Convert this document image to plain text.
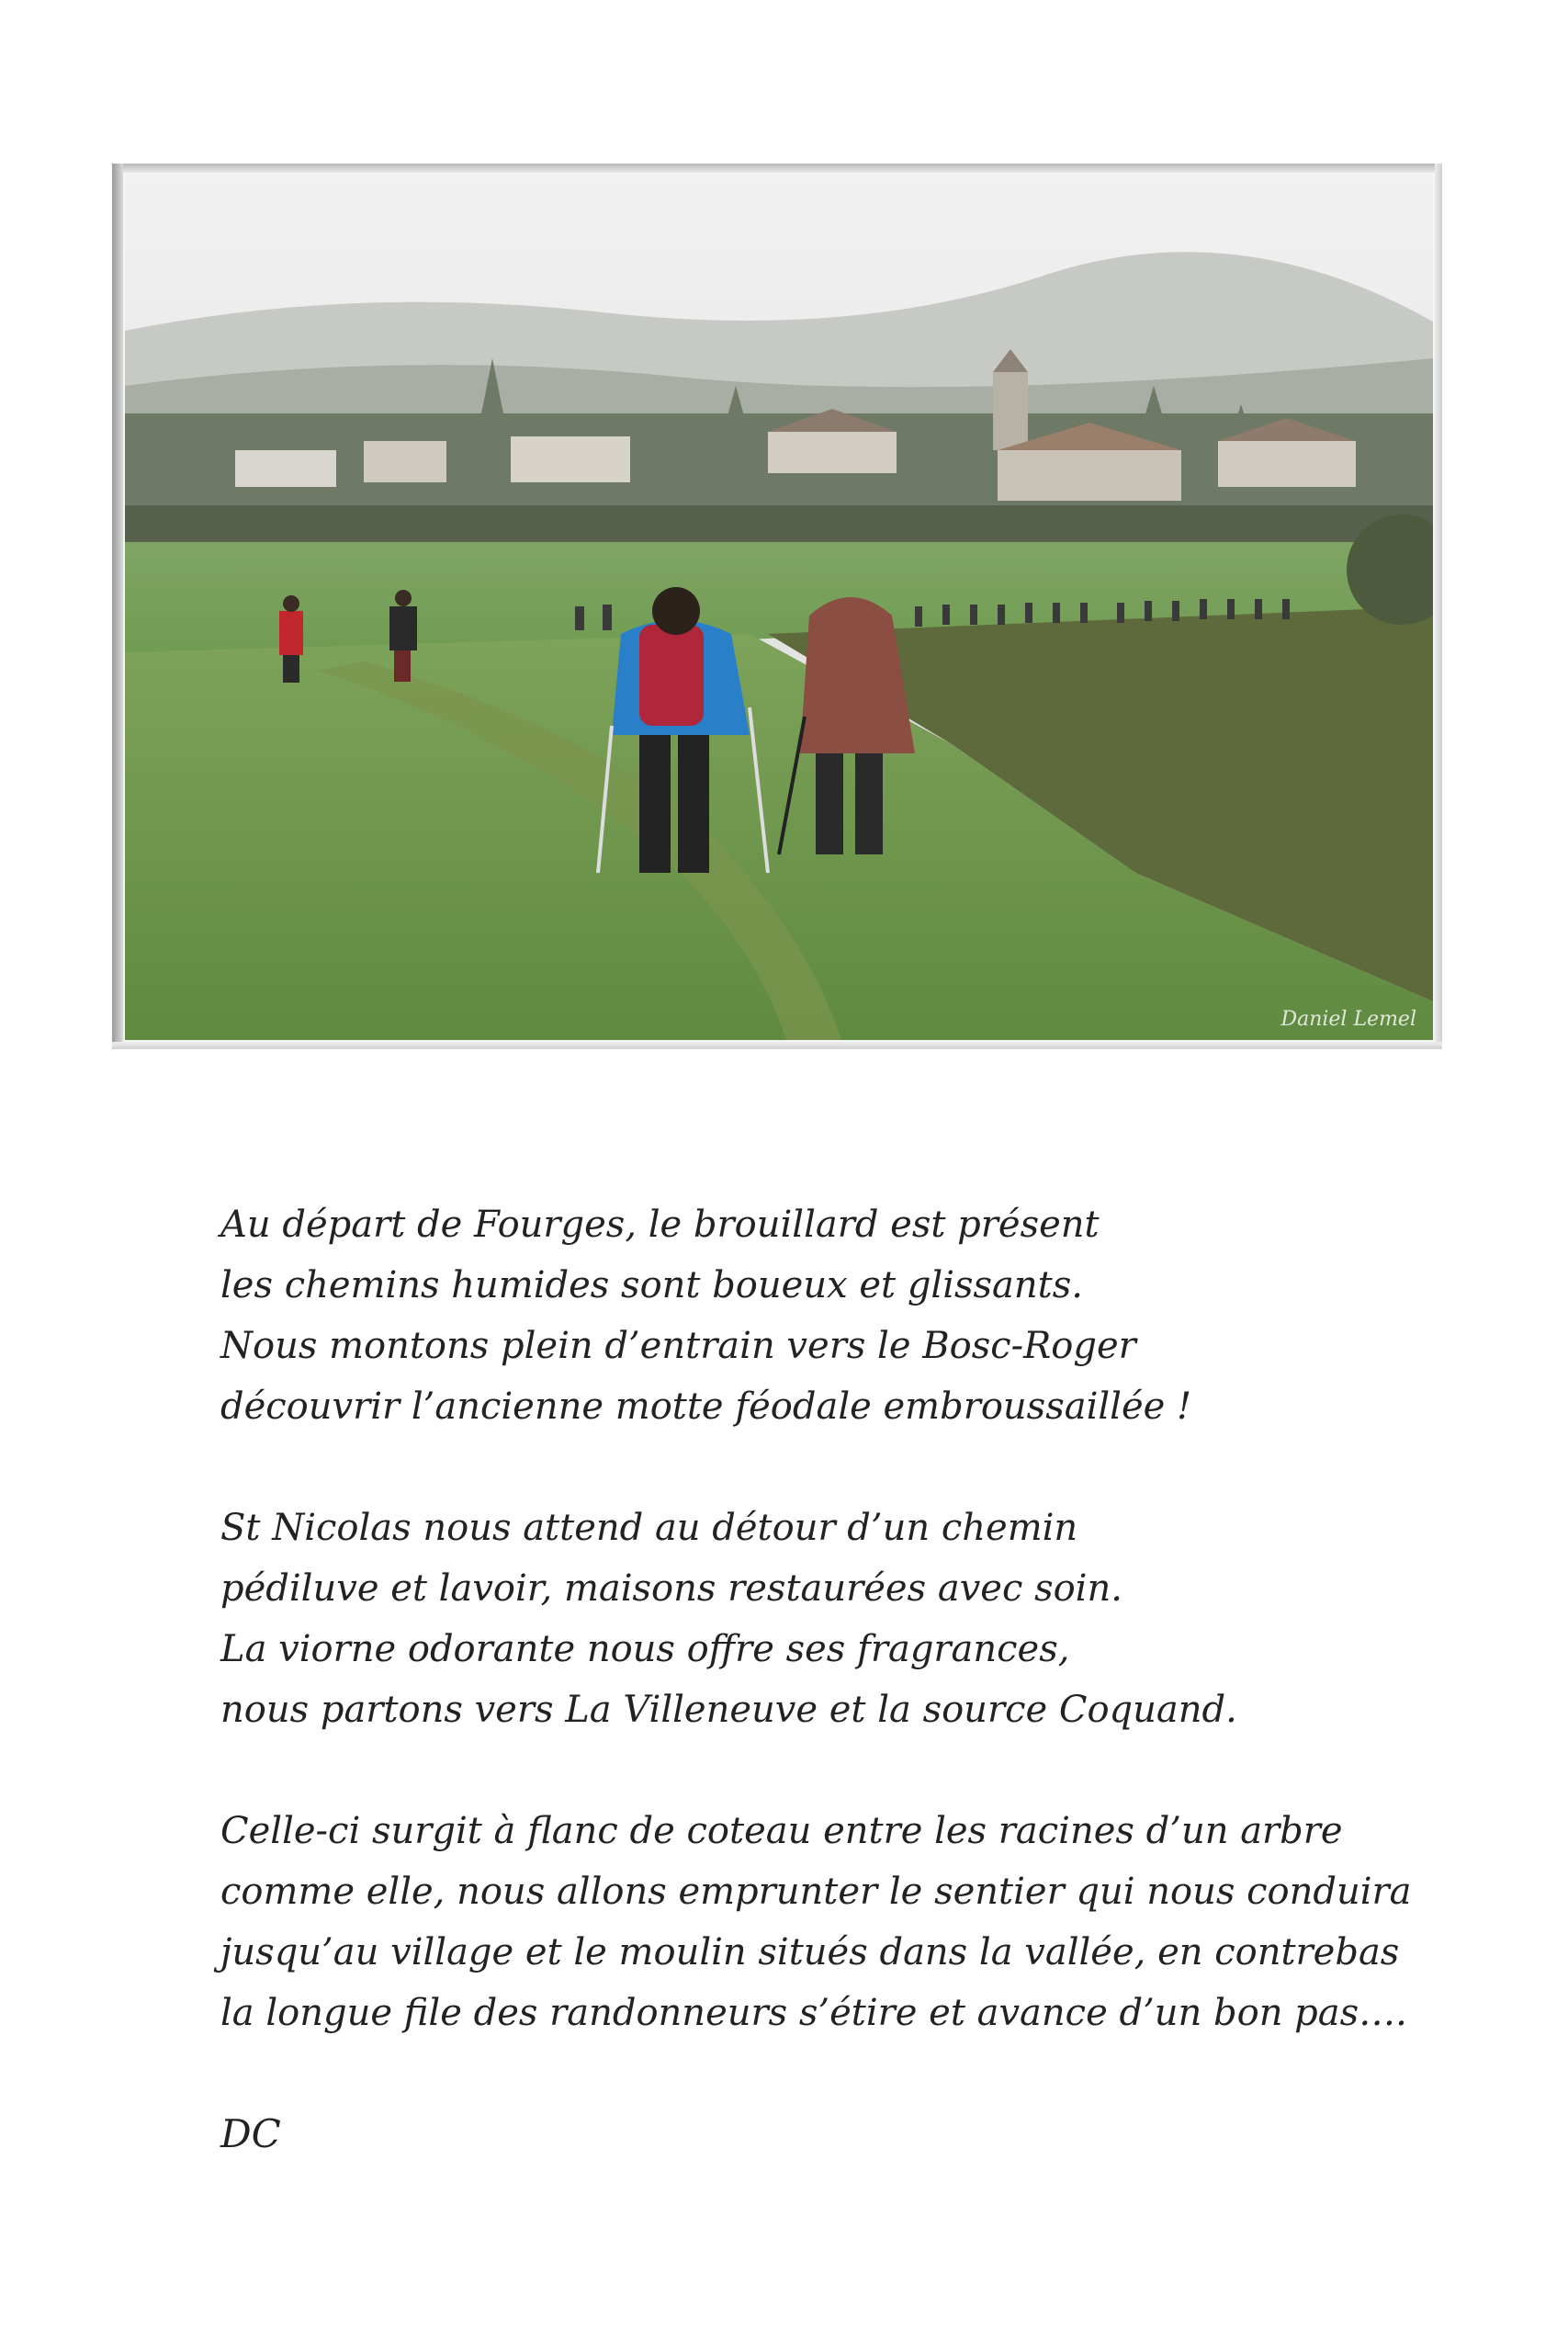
Daniel Lemel
Au départ de Fourges, le brouillard est présent
les chemins humides sont boueux et glissants.
Nous montons plein d’entrain vers le Bosc-Roger
découvrir l’ancienne motte féodale embroussaillée !
St Nicolas nous attend au détour d’un chemin
pédiluve et lavoir, maisons restaurées avec soin.
La viorne odorante nous offre ses fragrances,
nous partons vers La Villeneuve et la source Coquand.
Celle-ci surgit à flanc de coteau entre les racines d’un arbre
comme elle, nous allons emprunter le sentier qui nous conduira
jusqu’au village et le moulin situés dans la vallée, en contrebas
la longue file des randonneurs s’étire et avance d’un bon pas….
DC
